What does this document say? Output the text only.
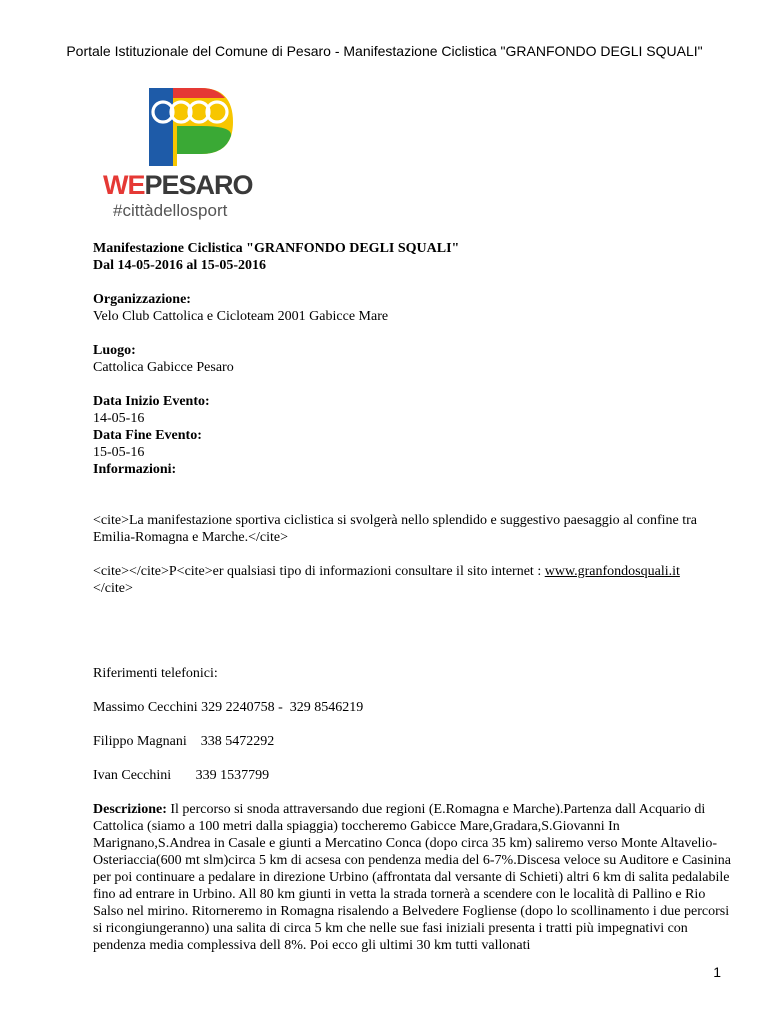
Portale Istituzionale del Comune di Pesaro - Manifestazione Ciclistica "GRANFONDO DEGLI SQUALI"
WEPESARO
#cittàdellosport
Manifestazione Ciclistica "GRANFONDO DEGLI SQUALI"
Dal 14-05-2016 al 15-05-2016
Organizzazione:
Velo Club Cattolica e Cicloteam 2001 Gabicce Mare
Luogo:
Cattolica Gabicce Pesaro
Data Inizio Evento:
14-05-16
Data Fine Evento:
15-05-16
Informazioni:

<cite>La manifestazione sportiva ciclistica si svolgerà nello splendido e suggestivo paesaggio al confine tra Emilia-Romagna e Marche.</cite>

<cite></cite>P<cite>er qualsiasi tipo di informazioni consultare il sito internet : www.granfondosquali.it
</cite>

Riferimenti telefonici:
Massimo Cecchini 329 2240758 -  329 8546219
Filippo Magnani    338 5472292
Ivan Cecchini       339 1537799

Descrizione: Il percorso si snoda attraversando due regioni (E.Romagna e Marche).Partenza dall Acquario di Cattolica (siamo a 100 metri dalla spiaggia) toccheremo Gabicce Mare,Gradara,S.Giovanni In Marignano,S.Andrea in Casale e giunti a Mercatino Conca (dopo circa 35 km) saliremo verso Monte Altavelio-Osteriaccia(600 mt slm)circa 5 km di acsesa con pendenza media del 6-7%.Discesa veloce su Auditore e Casinina per poi continuare a pedalare in direzione Urbino (affrontata dal versante di Schieti) altri 6 km di salita pedalabile fino ad entrare in Urbino. All 80 km giunti in vetta la strada tornerà a scendere con le località di Pallino e Rio Salso nel mirino. Ritorneremo in Romagna risalendo a Belvedere Fogliense (dopo lo scollinamento i due percorsi si ricongiungeranno) una salita di circa 5 km che nelle sue fasi iniziali presenta i tratti più impegnativi con pendenza media complessiva dell 8%. Poi ecco gli ultimi 30 km tutti vallonati

1
